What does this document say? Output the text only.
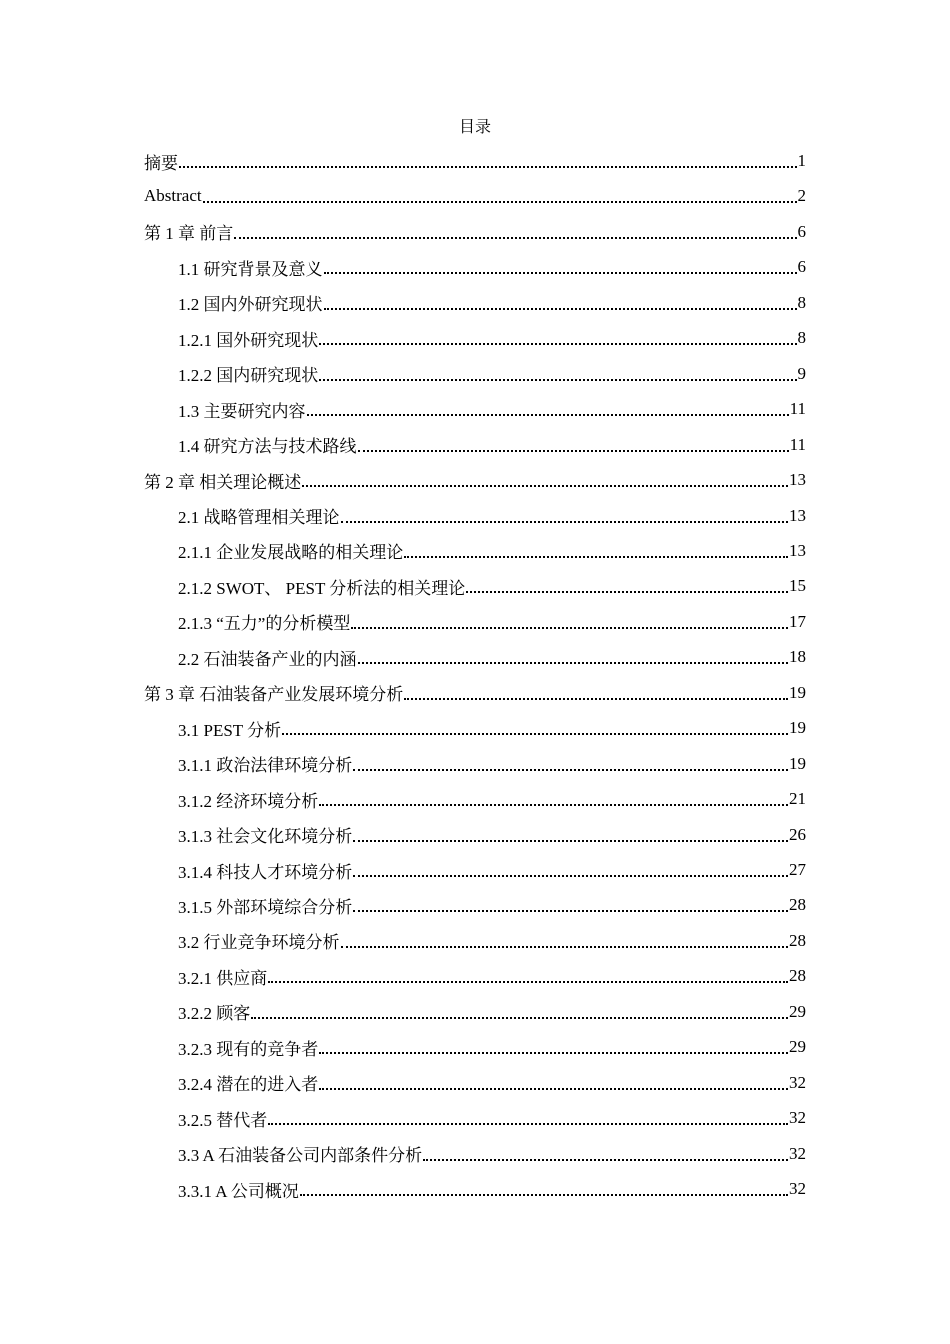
目录
摘要	1
Abstract	2
第 1 章 前言	6
1.1 研究背景及意义	6
1.2 国内外研究现状	8
1.2.1 国外研究现状	8
1.2.2 国内研究现状	9
1.3 主要研究内容	11
1.4 研究方法与技术路线	11
第 2 章 相关理论概述	13
2.1 战略管理相关理论	13
2.1.1 企业发展战略的相关理论	13
2.1.2 SWOT、 PEST 分析法的相关理论	15
2.1.3 “五力”的分析模型	17
2.2 石油装备产业的内涵	18
第 3 章 石油装备产业发展环境分析	19
3.1 PEST 分析	19
3.1.1 政治法律环境分析	19
3.1.2 经济环境分析	21
3.1.3 社会文化环境分析	26
3.1.4 科技人才环境分析	27
3.1.5 外部环境综合分析	28
3.2 行业竞争环境分析	28
3.2.1 供应商	28
3.2.2 顾客	29
3.2.3 现有的竞争者	29
3.2.4 潜在的进入者	32
3.2.5 替代者	32
3.3 A 石油装备公司内部条件分析	32
3.3.1 A 公司概况	32
